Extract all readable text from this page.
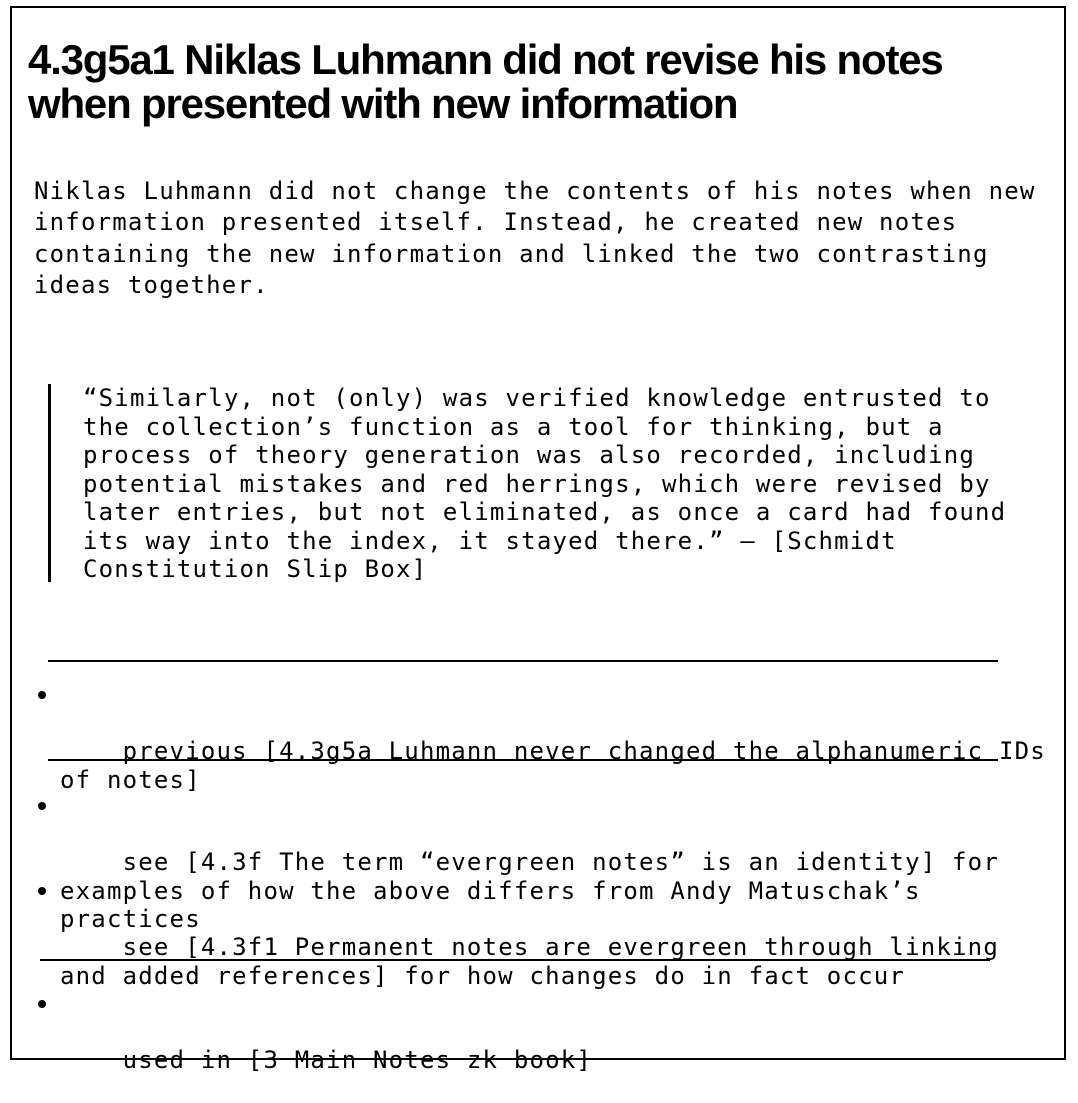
4.3g5a1 Niklas Luhmann did not revise his notes when presented with new information

Niklas Luhmann did not change the contents of his notes when new information presented itself. Instead, he created new notes containing the new information and linked the two contrasting ideas together.

“Similarly, not (only) was verified knowledge entrusted to the collection’s function as a tool for thinking, but a process of theory generation was also recorded, including potential mistakes and red herrings, which were revised by later entries, but not eliminated, as once a card had found its way into the index, it stayed there.” — [Schmidt Constitution Slip Box]

previous [4.3g5a Luhmann never changed the alphanumeric IDs of notes]

see [4.3f The term “evergreen notes” is an identity] for examples of how the above differs from Andy Matuschak’s practices

see [4.3f1 Permanent notes are evergreen through linking and added references] for how changes do in fact occur

used in [3 Main Notes zk book]
